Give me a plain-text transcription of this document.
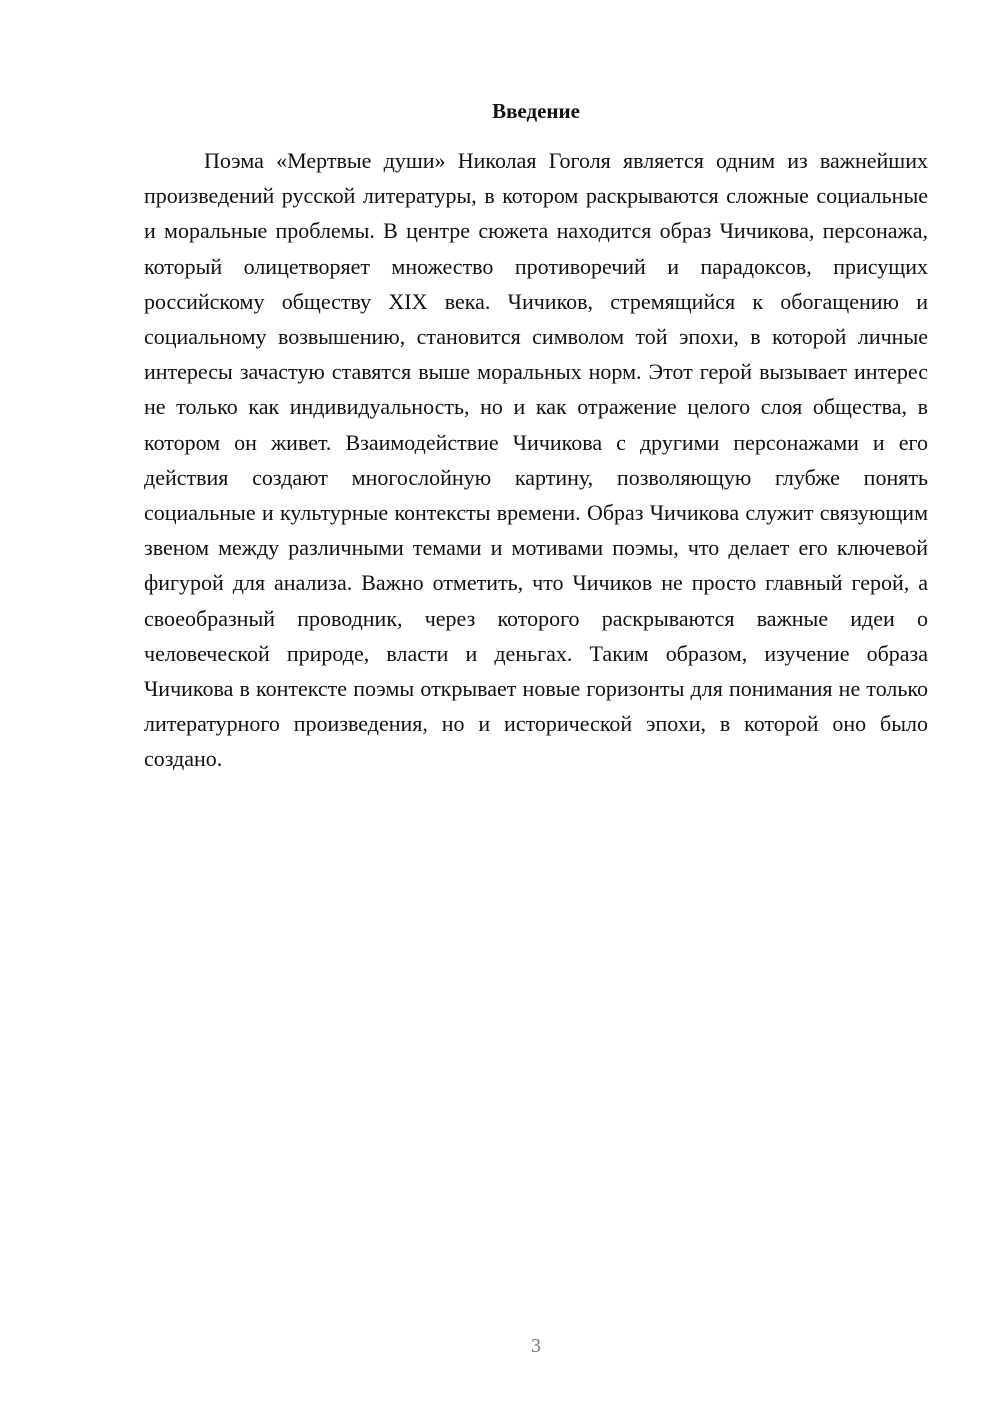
Введение

Поэма «Мертвые души» Николая Гоголя является одним из важнейших произведений русской литературы, в котором раскрываются сложные социальные и моральные проблемы. В центре сюжета находится образ Чичикова, персонажа, который олицетворяет множество противоречий и парадоксов, присущих российскому обществу XIX века. Чичиков, стремящийся к обогащению и социальному возвышению, становится символом той эпохи, в которой личные интересы зачастую ставятся выше моральных норм. Этот герой вызывает интерес не только как индивидуальность, но и как отражение целого слоя общества, в котором он живет. Взаимодействие Чичикова с другими персонажами и его действия создают многослойную картину, позволяющую глубже понять социальные и культурные контексты времени. Образ Чичикова служит связующим звеном между различными темами и мотивами поэмы, что делает его ключевой фигурой для анализа. Важно отметить, что Чичиков не просто главный герой, а своеобразный проводник, через которого раскрываются важные идеи о человеческой природе, власти и деньгах. Таким образом, изучение образа Чичикова в контексте поэмы открывает новые горизонты для понимания не только литературного произведения, но и исторической эпохи, в которой оно было создано.

3
